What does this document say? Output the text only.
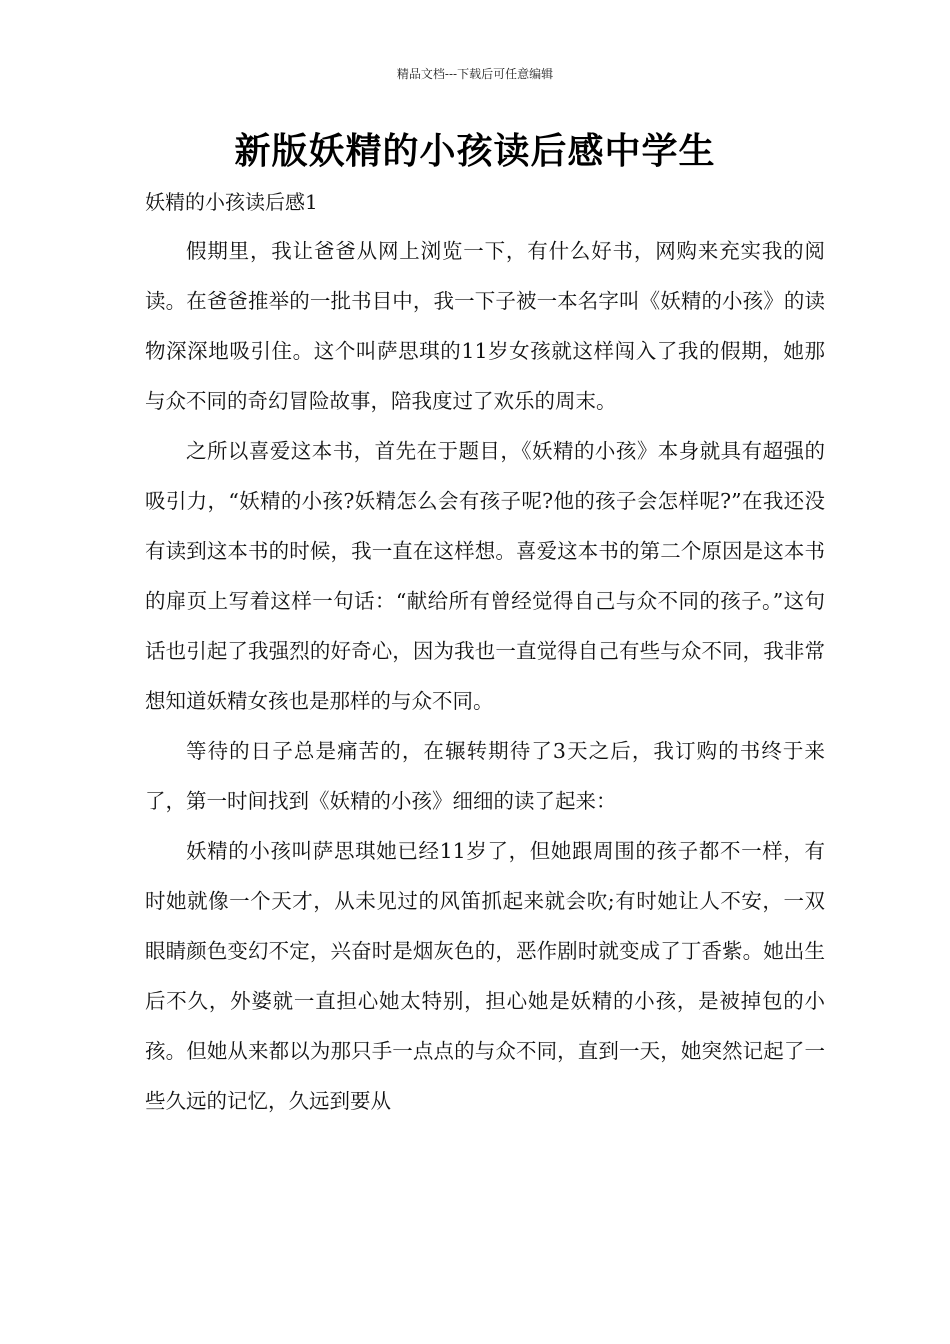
精品文档---下载后可任意编辑
新版妖精的小孩读后感中学生

妖精的小孩读后感1

假期里，我让爸爸从网上浏览一下，有什么好书，网购来充实我的阅读。在爸爸推举的一批书目中，我一下子被一本名字叫《妖精的小孩》的读物深深地吸引住。这个叫萨思琪的11岁女孩就这样闯入了我的假期，她那与众不同的奇幻冒险故事，陪我度过了欢乐的周末。

之所以喜爱这本书，首先在于题目，《妖精的小孩》本身就具有超强的吸引力，“妖精的小孩?妖精怎么会有孩子呢?他的孩子会怎样呢?”在我还没有读到这本书的时候，我一直在这样想。喜爱这本书的第二个原因是这本书的扉页上写着这样一句话：“献给所有曾经觉得自己与众不同的孩子。”这句话也引起了我强烈的好奇心，因为我也一直觉得自己有些与众不同，我非常想知道妖精女孩也是那样的与众不同。

等待的日子总是痛苦的，在辗转期待了3天之后，我订购的书终于来了，第一时间找到《妖精的小孩》细细的读了起来：

妖精的小孩叫萨思琪她已经11岁了，但她跟周围的孩子都不一样，有时她就像一个天才，从未见过的风笛抓起来就会吹;有时她让人不安，一双眼睛颜色变幻不定，兴奋时是烟灰色的，恶作剧时就变成了丁香紫。她出生后不久，外婆就一直担心她太特别，担心她是妖精的小孩，是被掉包的小孩。但她从来都以为那只手一点点的与众不同，直到一天，她突然记起了一些久远的记忆，久远到要从
